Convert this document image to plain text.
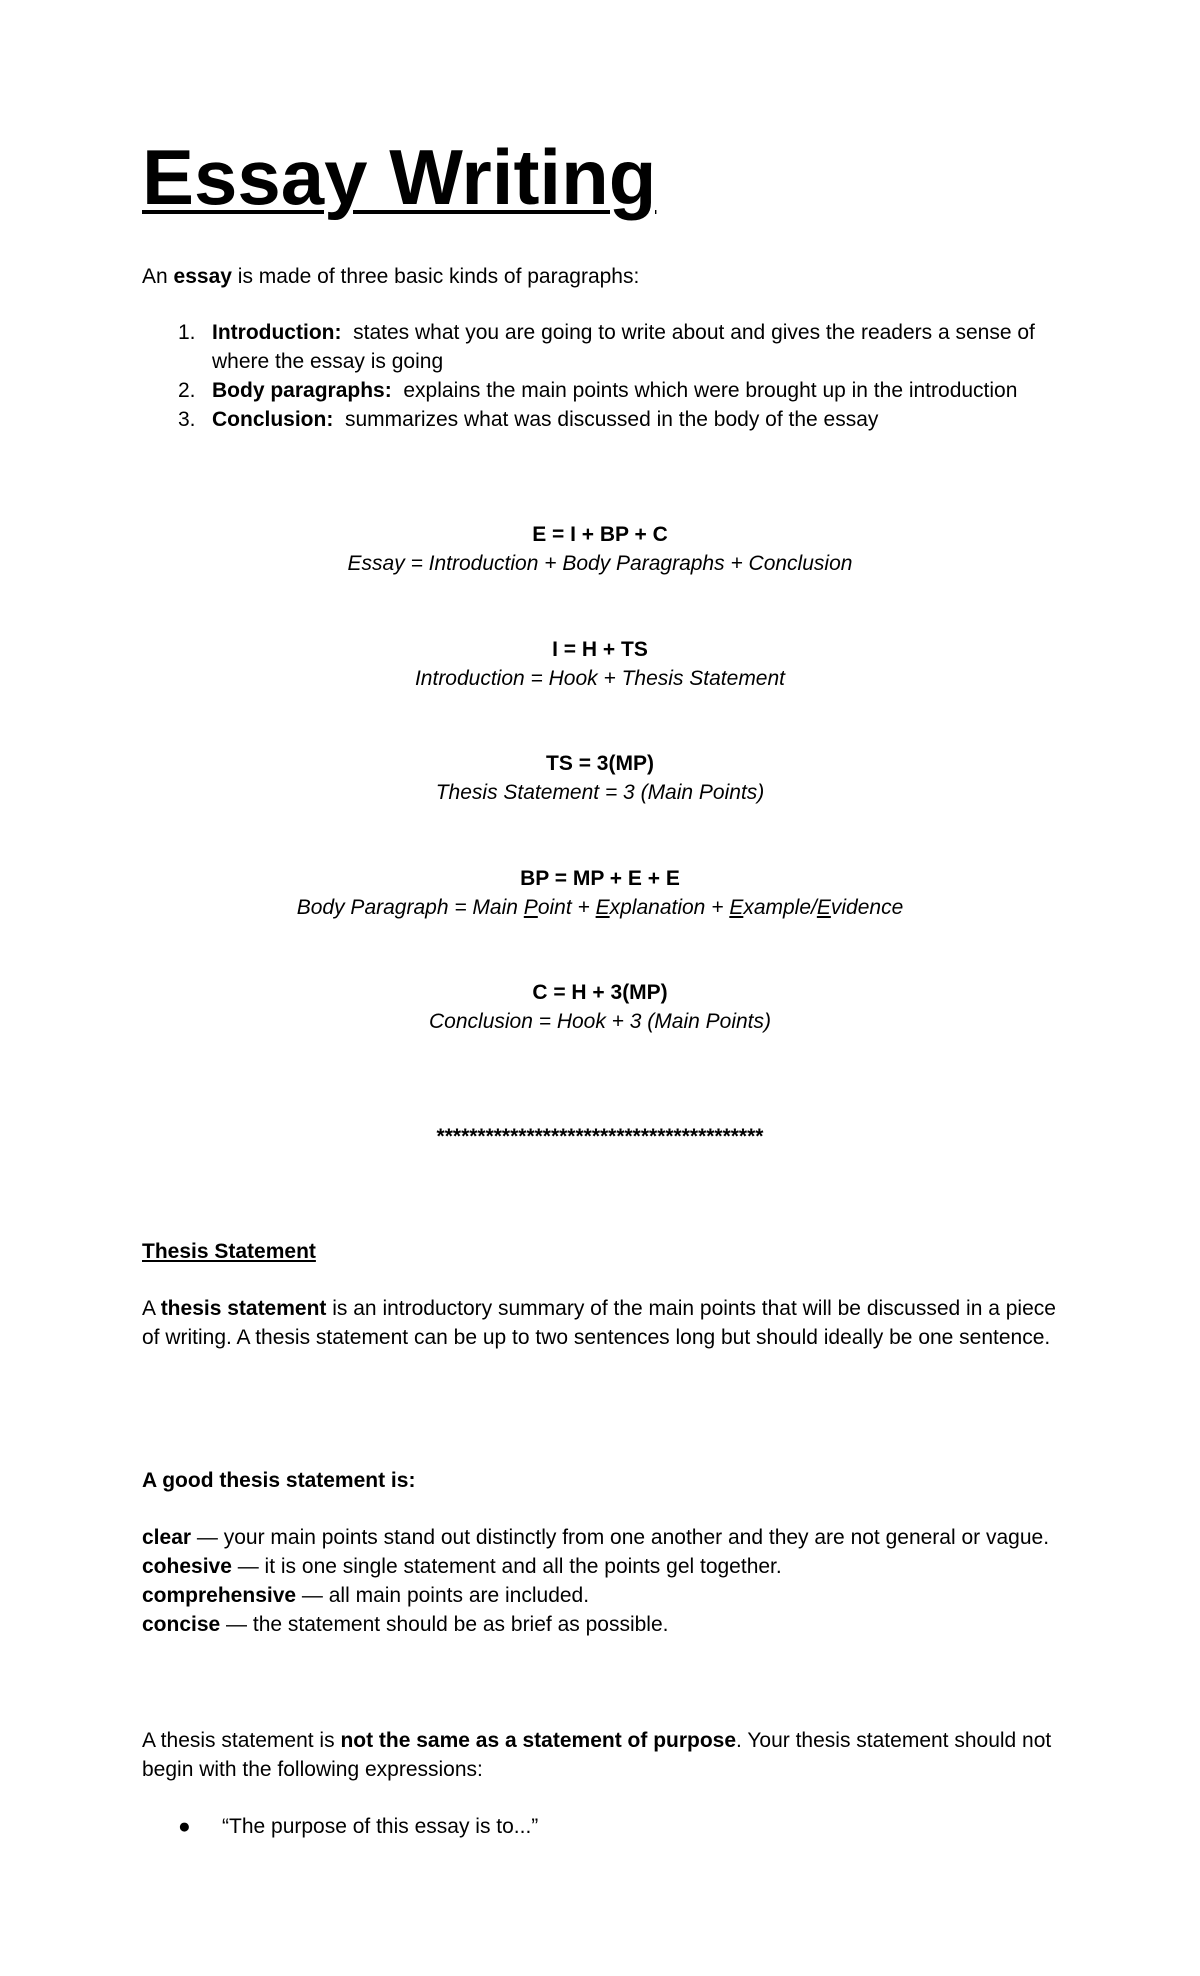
Essay Writing

An essay is made of three basic kinds of paragraphs:

1. Introduction:  states what you are going to write about and gives the readers a sense of where the essay is going
2. Body paragraphs:  explains the main points which were brought up in the introduction
3. Conclusion:  summarizes what was discussed in the body of the essay
E = I + BP + C
Essay = Introduction + Body Paragraphs + Conclusion
I = H + TS
Introduction = Hook + Thesis Statement
TS = 3(MP)
Thesis Statement = 3 (Main Points)
BP = MP + E + E
Body Paragraph = Main Point + Explanation + Example/Evidence
C = H + 3(MP)
Conclusion = Hook + 3 (Main Points)
****************************************
Thesis Statement

A thesis statement is an introductory summary of the main points that will be discussed in a piece of writing. A thesis statement can be up to two sentences long but should ideally be one sentence.

A good thesis statement is:

clear — your main points stand out distinctly from one another and they are not general or vague.

cohesive — it is one single statement and all the points gel together.

comprehensive — all main points are included.

concise — the statement should be as brief as possible.

A thesis statement is not the same as a statement of purpose. Your thesis statement should not begin with the following expressions:

● “The purpose of this essay is to...”
